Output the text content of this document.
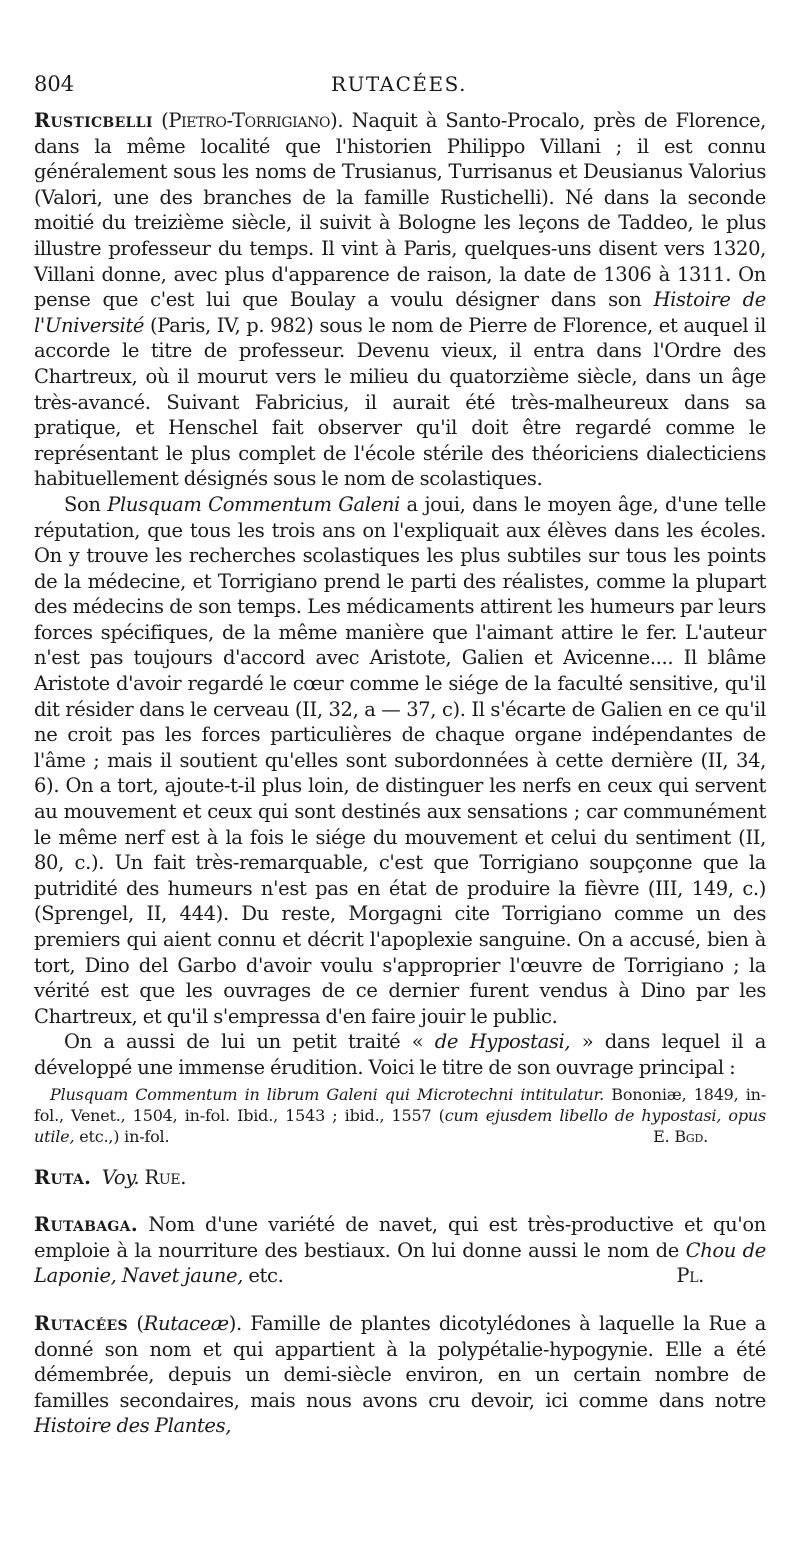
804	RUTACÉES.

Rusticbelli (Pietro-Torrigiano). Naquit à Santo-Procalo, près de Florence, dans la même localité que l'historien Philippo Villani ; il est connu généralement sous les noms de Trusianus, Turrisanus et Deusianus Valorius (Valori, une des branches de la famille Rustichelli). Né dans la seconde moitié du treizième siècle, il suivit à Bologne les leçons de Taddeo, le plus illustre professeur du temps. Il vint à Paris, quelques-uns disent vers 1320, Villani donne, avec plus d'apparence de raison, la date de 1306 à 1311. On pense que c'est lui que Boulay a voulu désigner dans son Histoire de l'Université (Paris, IV, p. 982) sous le nom de Pierre de Florence, et auquel il accorde le titre de professeur. Devenu vieux, il entra dans l'Ordre des Chartreux, où il mourut vers le milieu du quatorzième siècle, dans un âge très-avancé. Suivant Fabricius, il aurait été très-malheureux dans sa pratique, et Henschel fait observer qu'il doit être regardé comme le représentant le plus complet de l'école stérile des théoriciens dialecticiens habituellement désignés sous le nom de scolastiques.

Son Plusquam Commentum Galeni a joui, dans le moyen âge, d'une telle réputation, que tous les trois ans on l'expliquait aux élèves dans les écoles. On y trouve les recherches scolastiques les plus subtiles sur tous les points de la médecine, et Torrigiano prend le parti des réalistes, comme la plupart des médecins de son temps. Les médicaments attirent les humeurs par leurs forces spécifiques, de la même manière que l'aimant attire le fer. L'auteur n'est pas toujours d'accord avec Aristote, Galien et Avicenne.... Il blâme Aristote d'avoir regardé le cœur comme le siége de la faculté sensitive, qu'il dit résider dans le cerveau (II, 32, a — 37, c). Il s'écarte de Galien en ce qu'il ne croit pas les forces particulières de chaque organe indépendantes de l'âme ; mais il soutient qu'elles sont subordonnées à cette dernière (II, 34, 6). On a tort, ajoute-t-il plus loin, de distinguer les nerfs en ceux qui servent au mouvement et ceux qui sont destinés aux sensations ; car communément le même nerf est à la fois le siége du mouvement et celui du sentiment (II, 80, c.). Un fait très-remarquable, c'est que Torrigiano soupçonne que la putridité des humeurs n'est pas en état de produire la fièvre (III, 149, c.) (Sprengel, II, 444). Du reste, Morgagni cite Torrigiano comme un des premiers qui aient connu et décrit l'apoplexie sanguine. On a accusé, bien à tort, Dino del Garbo d'avoir voulu s'approprier l'œuvre de Torrigiano ; la vérité est que les ouvrages de ce dernier furent vendus à Dino par les Chartreux, et qu'il s'empressa d'en faire jouir le public.

On a aussi de lui un petit traité « de Hypostasi, » dans lequel il a développé une immense érudition. Voici le titre de son ouvrage principal :

Plusquam Commentum in librum Galeni qui Microtechni intitulatur. Bononiæ, 1849, in-fol., Venet., 1504, in-fol. Ibid., 1543 ; ibid., 1557 (cum ejusdem libello de hypostasi, opus utile, etc.,) in-fol.	E. Bgd.

Ruta. Voy. Rue.

Rutabaga. Nom d'une variété de navet, qui est très-productive et qu'on emploie à la nourriture des bestiaux. On lui donne aussi le nom de Chou de Laponie, Navet jaune, etc.	Pl.

Rutacées (Rutaceæ). Famille de plantes dicotylédones à laquelle la Rue a donné son nom et qui appartient à la polypétalie-hypogynie. Elle a été démembrée, depuis un demi-siècle environ, en un certain nombre de familles secondaires, mais nous avons cru devoir, ici comme dans notre Histoire des Plantes,
